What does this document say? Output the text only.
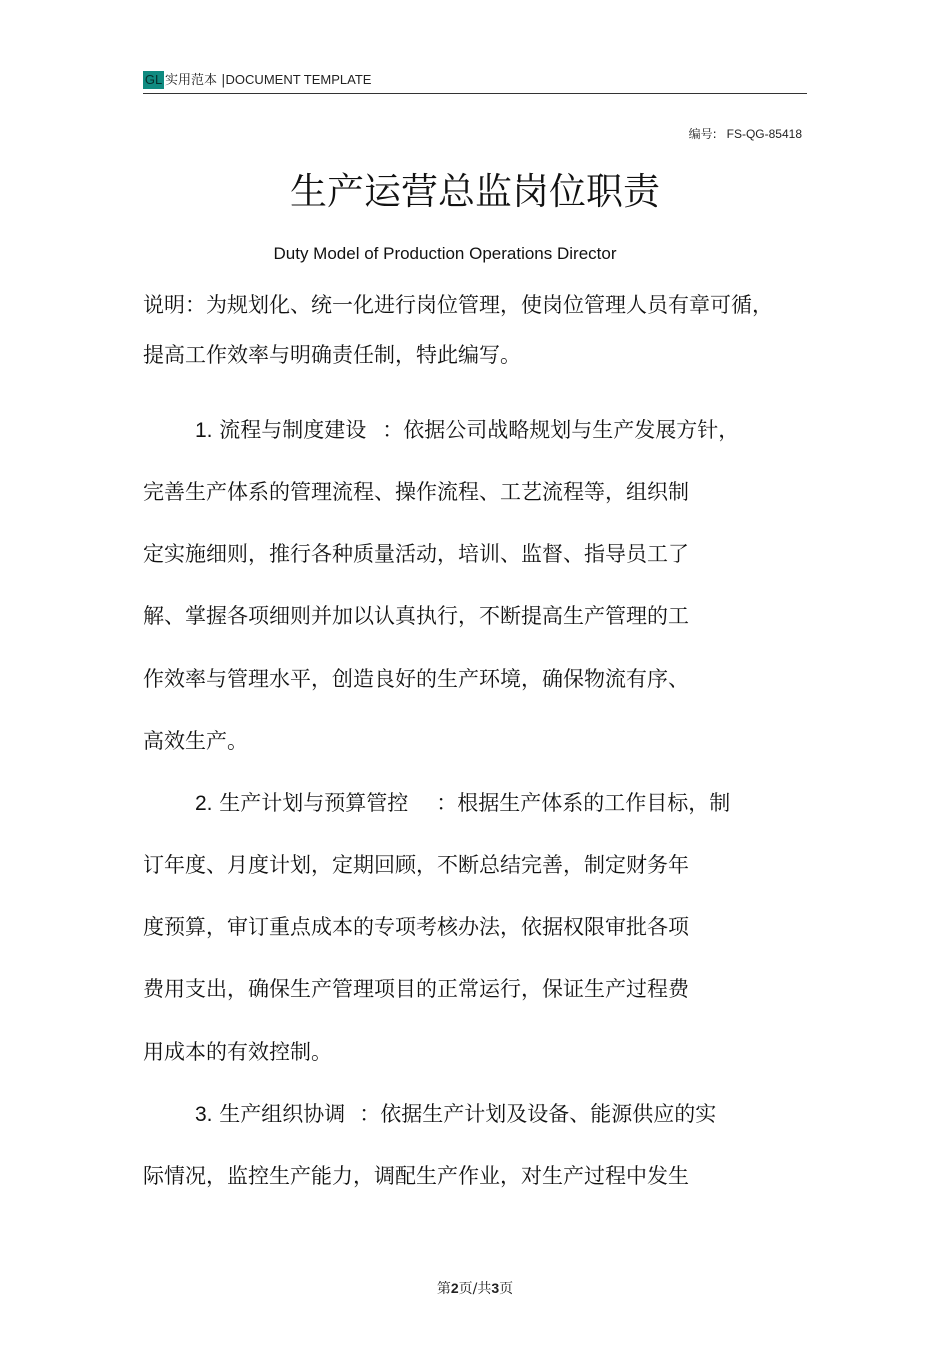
GL 实用范本 |DOCUMENT TEMPLATE
编号: FS-QG-85418
生产运营总监岗位职责
Duty Model of Production Operations Director
说明：为规划化、统一化进行岗位管理，使岗位管理人员有章可循，
提高工作效率与明确责任制，特此编写。
1. 流程与制度建设 ：依据公司战略规划与生产发展方针，
完善生产体系的管理流程、操作流程、工艺流程等，组织制
定实施细则，推行各种质量活动，培训、监督、指导员工了
解、掌握各项细则并加以认真执行，不断提高生产管理的工
作效率与管理水平，创造良好的生产环境，确保物流有序、
高效生产。
2. 生产计划与预算管控 ：根据生产体系的工作目标，制
订年度、月度计划，定期回顾，不断总结完善，制定财务年
度预算，审订重点成本的专项考核办法，依据权限审批各项
费用支出，确保生产管理项目的正常运行，保证生产过程费
用成本的有效控制。
3. 生产组织协调 ：依据生产计划及设备、能源供应的实
际情况，监控生产能力，调配生产作业，对生产过程中发生
第2页/共3页
